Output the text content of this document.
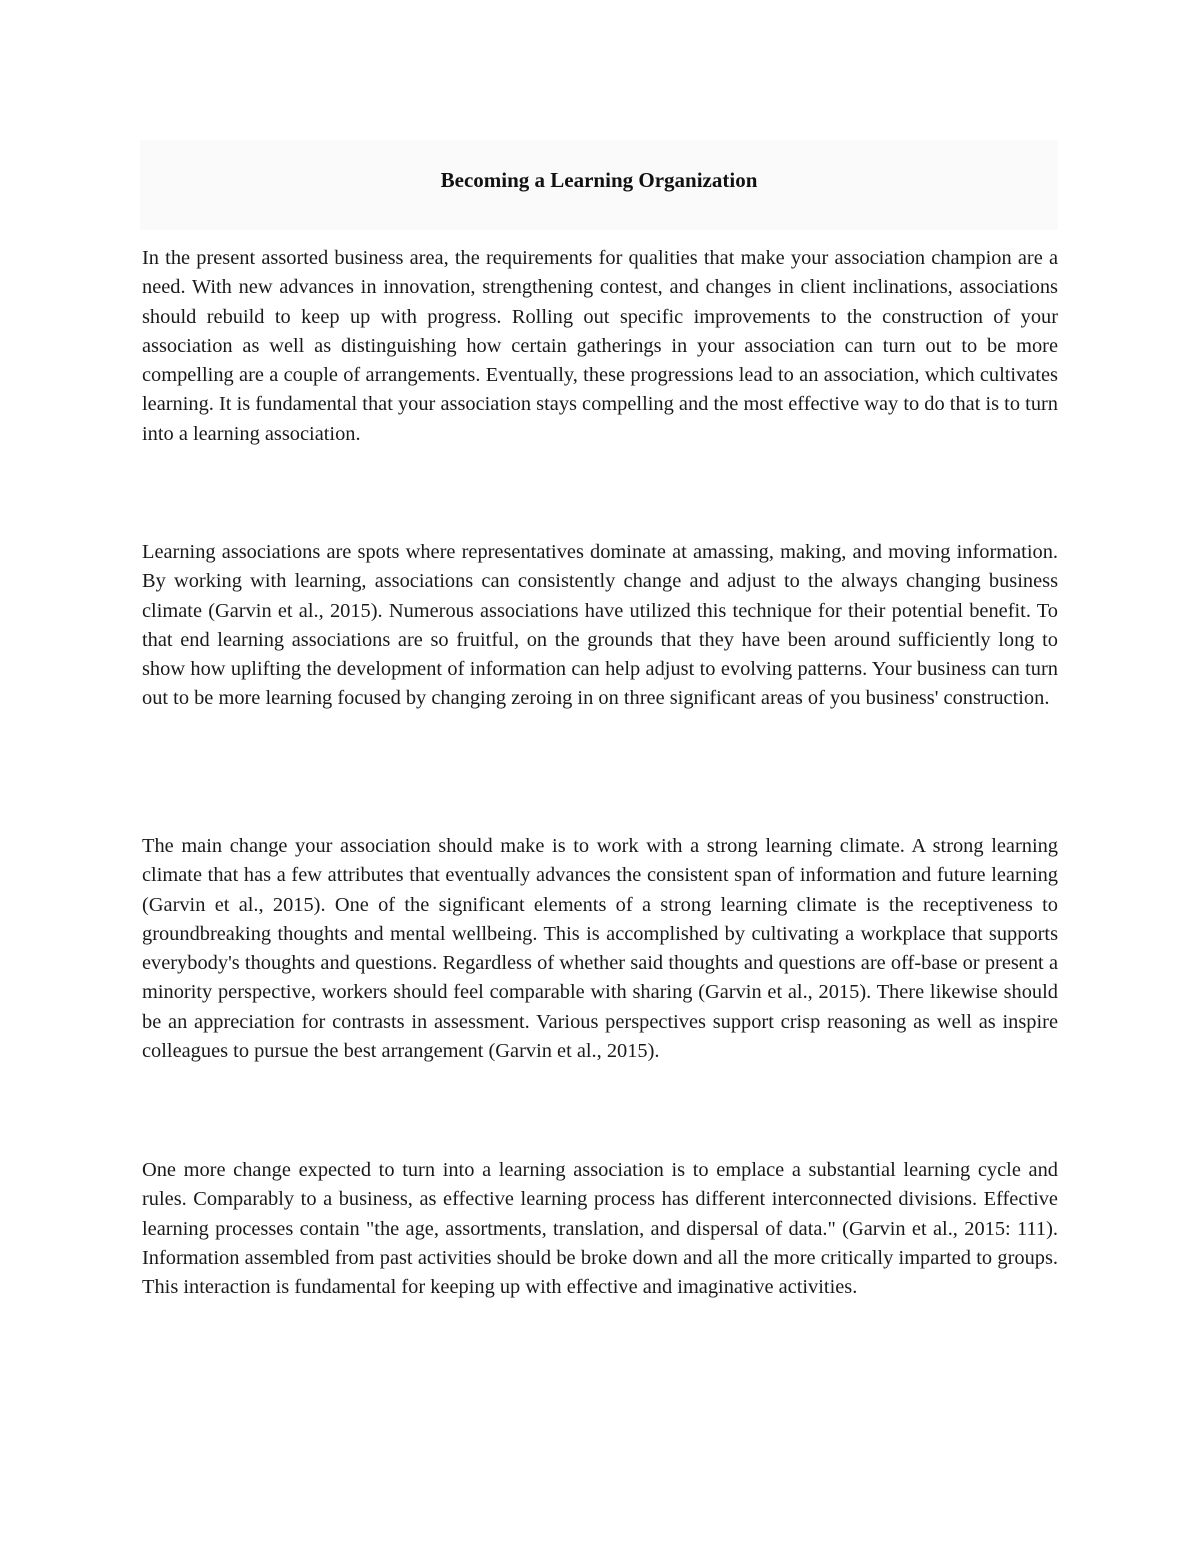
Becoming a Learning Organization

In the present assorted business area, the requirements for qualities that make your association champion are a need. With new advances in innovation, strengthening contest, and changes in client inclinations, associations should rebuild to keep up with progress. Rolling out specific improvements to the construction of your association as well as distinguishing how certain gatherings in your association can turn out to be more compelling are a couple of arrangements. Eventually, these progressions lead to an association, which cultivates learning. It is fundamental that your association stays compelling and the most effective way to do that is to turn into a learning association.

Learning associations are spots where representatives dominate at amassing, making, and moving information. By working with learning, associations can consistently change and adjust to the always changing business climate (Garvin et al., 2015). Numerous associations have utilized this technique for their potential benefit. To that end learning associations are so fruitful, on the grounds that they have been around sufficiently long to show how uplifting the development of information can help adjust to evolving patterns. Your business can turn out to be more learning focused by changing zeroing in on three significant areas of you business' construction.

The main change your association should make is to work with a strong learning climate. A strong learning climate that has a few attributes that eventually advances the consistent span of information and future learning (Garvin et al., 2015). One of the significant elements of a strong learning climate is the receptiveness to groundbreaking thoughts and mental wellbeing. This is accomplished by cultivating a workplace that supports everybody's thoughts and questions. Regardless of whether said thoughts and questions are off-base or present a minority perspective, workers should feel comparable with sharing (Garvin et al., 2015). There likewise should be an appreciation for contrasts in assessment. Various perspectives support crisp reasoning as well as inspire colleagues to pursue the best arrangement (Garvin et al., 2015).

One more change expected to turn into a learning association is to emplace a substantial learning cycle and rules. Comparably to a business, as effective learning process has different interconnected divisions. Effective learning processes contain "the age, assortments, translation, and dispersal of data." (Garvin et al., 2015: 111). Information assembled from past activities should be broke down and all the more critically imparted to groups. This interaction is fundamental for keeping up with effective and imaginative activities.
